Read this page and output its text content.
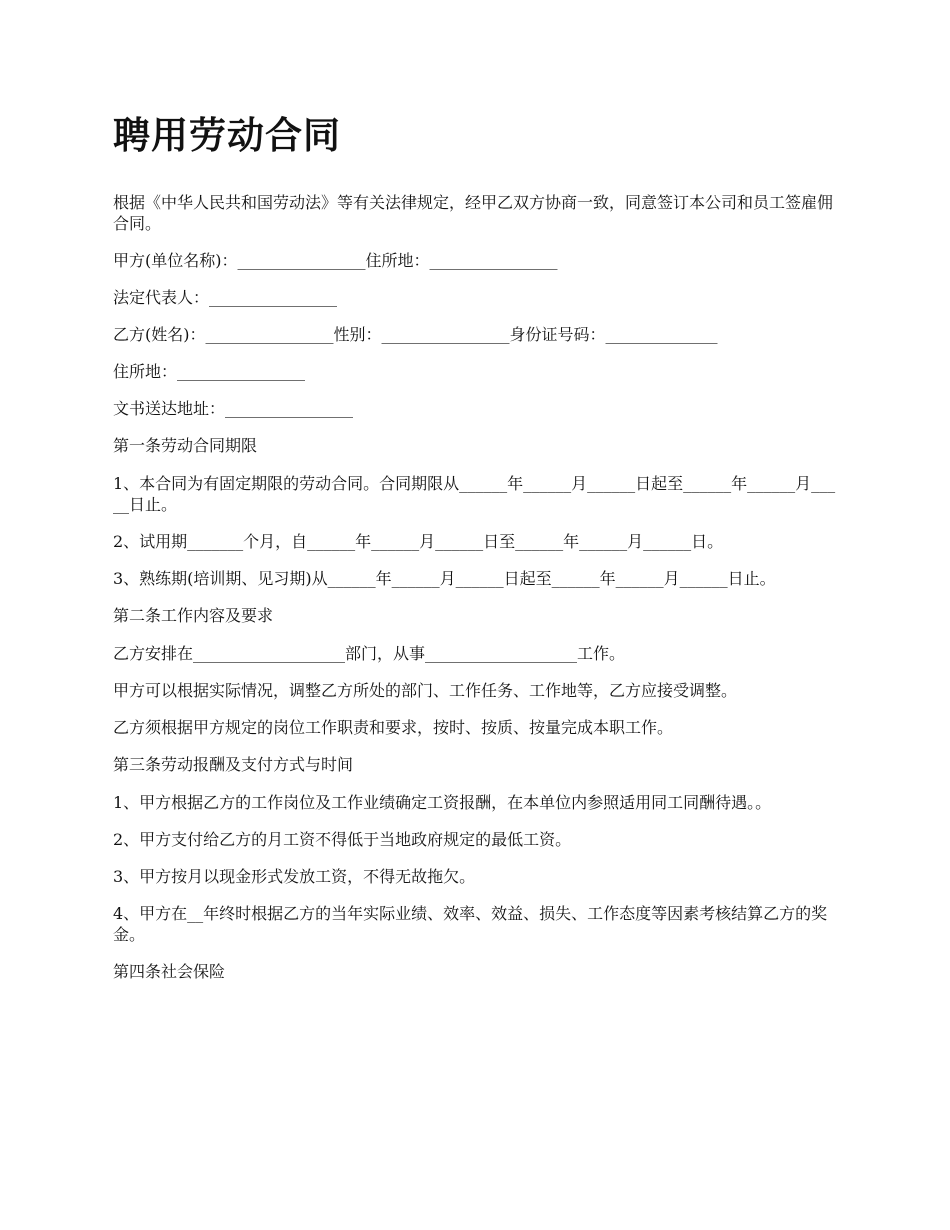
聘用劳动合同

根据《中华人民共和国劳动法》等有关法律规定，经甲乙双方协商一致，同意签订本公司和员工签雇佣合同。

甲方(单位名称)：________________住所地：________________

法定代表人：________________

乙方(姓名)：________________性别：________________身份证号码：______________

住所地：________________

文书送达地址：________________

第一条劳动合同期限

1、本合同为有固定期限的劳动合同。合同期限从______年______月______日起至______年______月_____日止。

2、试用期_______个月，自______年______月______日至______年______月______日。

3、熟练期(培训期、见习期)从______年______月______日起至______年______月______日止。

第二条工作内容及要求

乙方安排在___________________部门，从事___________________工作。

甲方可以根据实际情况，调整乙方所处的部门、工作任务、工作地等，乙方应接受调整。

乙方须根据甲方规定的岗位工作职责和要求，按时、按质、按量完成本职工作。

第三条劳动报酬及支付方式与时间

1、甲方根据乙方的工作岗位及工作业绩确定工资报酬，在本单位内参照适用同工同酬待遇。。

2、甲方支付给乙方的月工资不得低于当地政府规定的最低工资。

3、甲方按月以现金形式发放工资，不得无故拖欠。

4、甲方在__年终时根据乙方的当年实际业绩、效率、效益、损失、工作态度等因素考核结算乙方的奖金。

第四条社会保险
